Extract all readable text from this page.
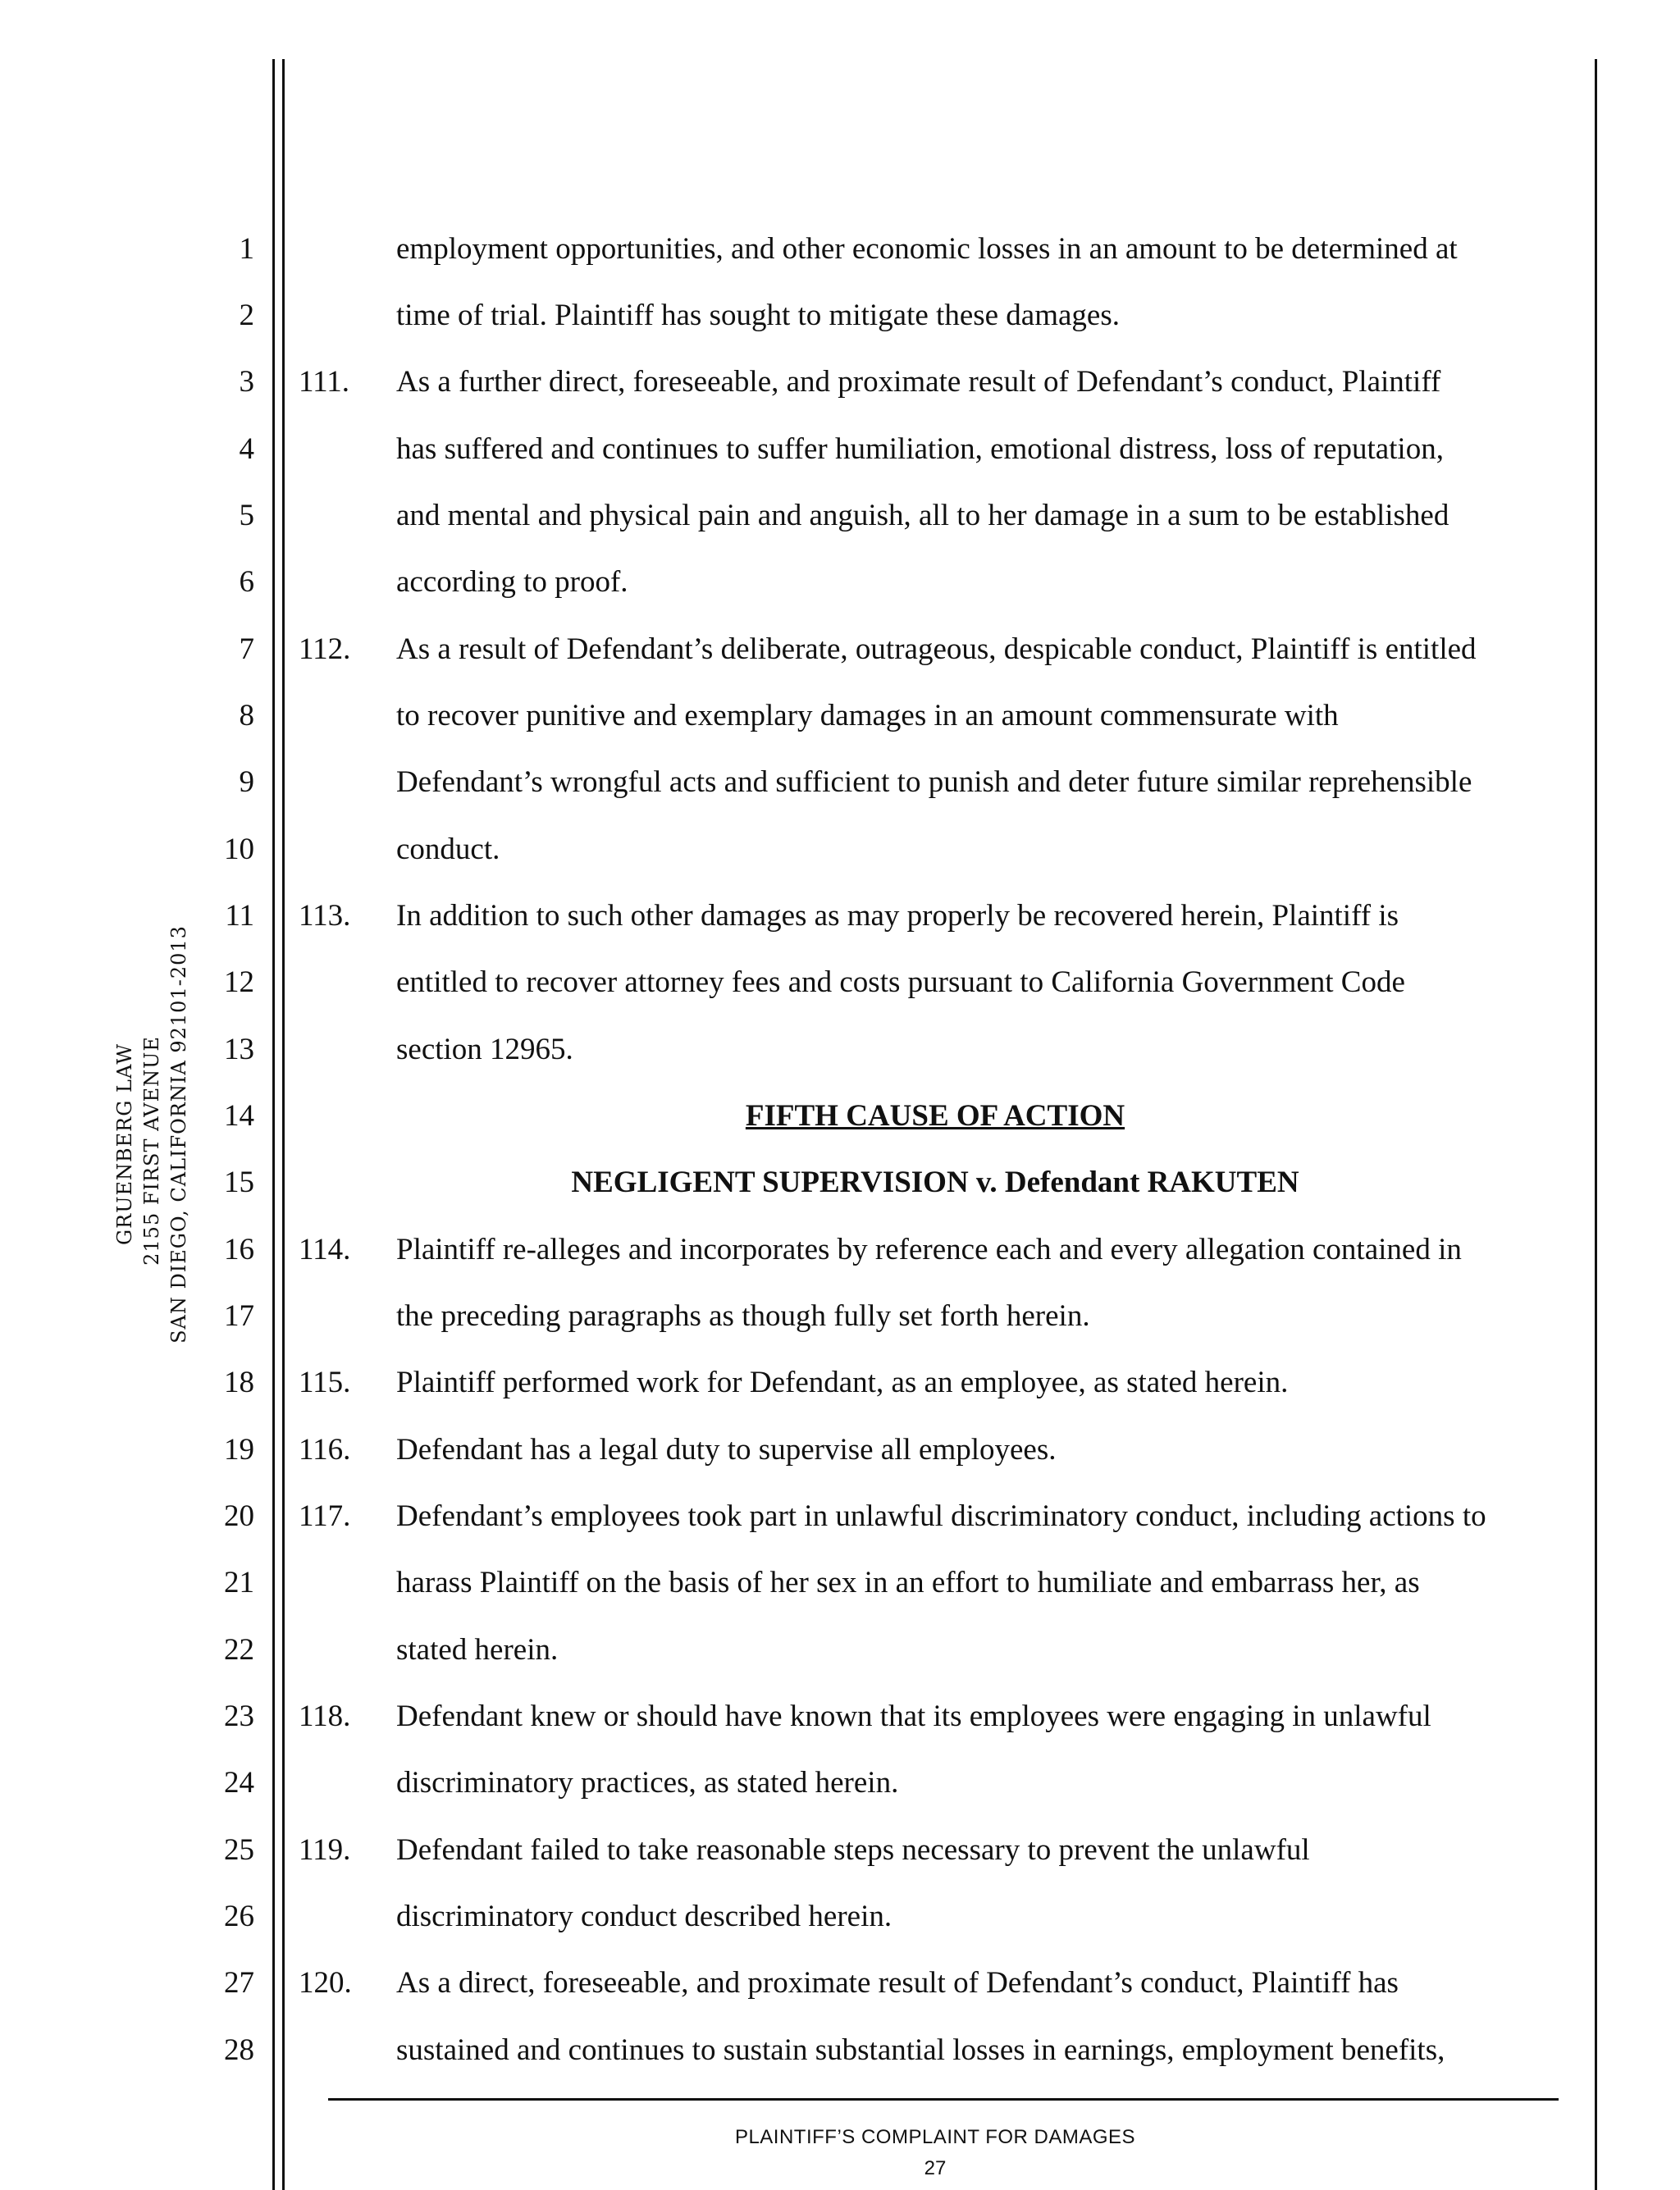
GRUENBERG LAW 2155 FIRST AVENUE SAN DIEGO, CALIFORNIA 92101-2013
1
2
3
4
5
6
7
8
9
10
11
12
13
14
15
16
17
18
19
20
21
22
23
24
25
26
27
28
employment opportunities, and other economic losses in an amount to be determined at
time of trial. Plaintiff has sought to mitigate these damages.
111. As a further direct, foreseeable, and proximate result of Defendant’s conduct, Plaintiff
has suffered and continues to suffer humiliation, emotional distress, loss of reputation,
and mental and physical pain and anguish, all to her damage in a sum to be established
according to proof.
112. As a result of Defendant’s deliberate, outrageous, despicable conduct, Plaintiff is entitled
to recover punitive and exemplary damages in an amount commensurate with
Defendant’s wrongful acts and sufficient to punish and deter future similar reprehensible
conduct.
113. In addition to such other damages as may properly be recovered herein, Plaintiff is
entitled to recover attorney fees and costs pursuant to California Government Code
section 12965.
FIFTH CAUSE OF ACTION
NEGLIGENT SUPERVISION v. Defendant RAKUTEN
114. Plaintiff re-alleges and incorporates by reference each and every allegation contained in
the preceding paragraphs as though fully set forth herein.
115. Plaintiff performed work for Defendant, as an employee, as stated herein.
116. Defendant has a legal duty to supervise all employees.
117. Defendant’s employees took part in unlawful discriminatory conduct, including actions to
harass Plaintiff on the basis of her sex in an effort to humiliate and embarrass her, as
stated herein.
118. Defendant knew or should have known that its employees were engaging in unlawful
discriminatory practices, as stated herein.
119. Defendant failed to take reasonable steps necessary to prevent the unlawful
discriminatory conduct described herein.
120. As a direct, foreseeable, and proximate result of Defendant’s conduct, Plaintiff has
sustained and continues to sustain substantial losses in earnings, employment benefits,
PLAINTIFF’S COMPLAINT FOR DAMAGES
27
